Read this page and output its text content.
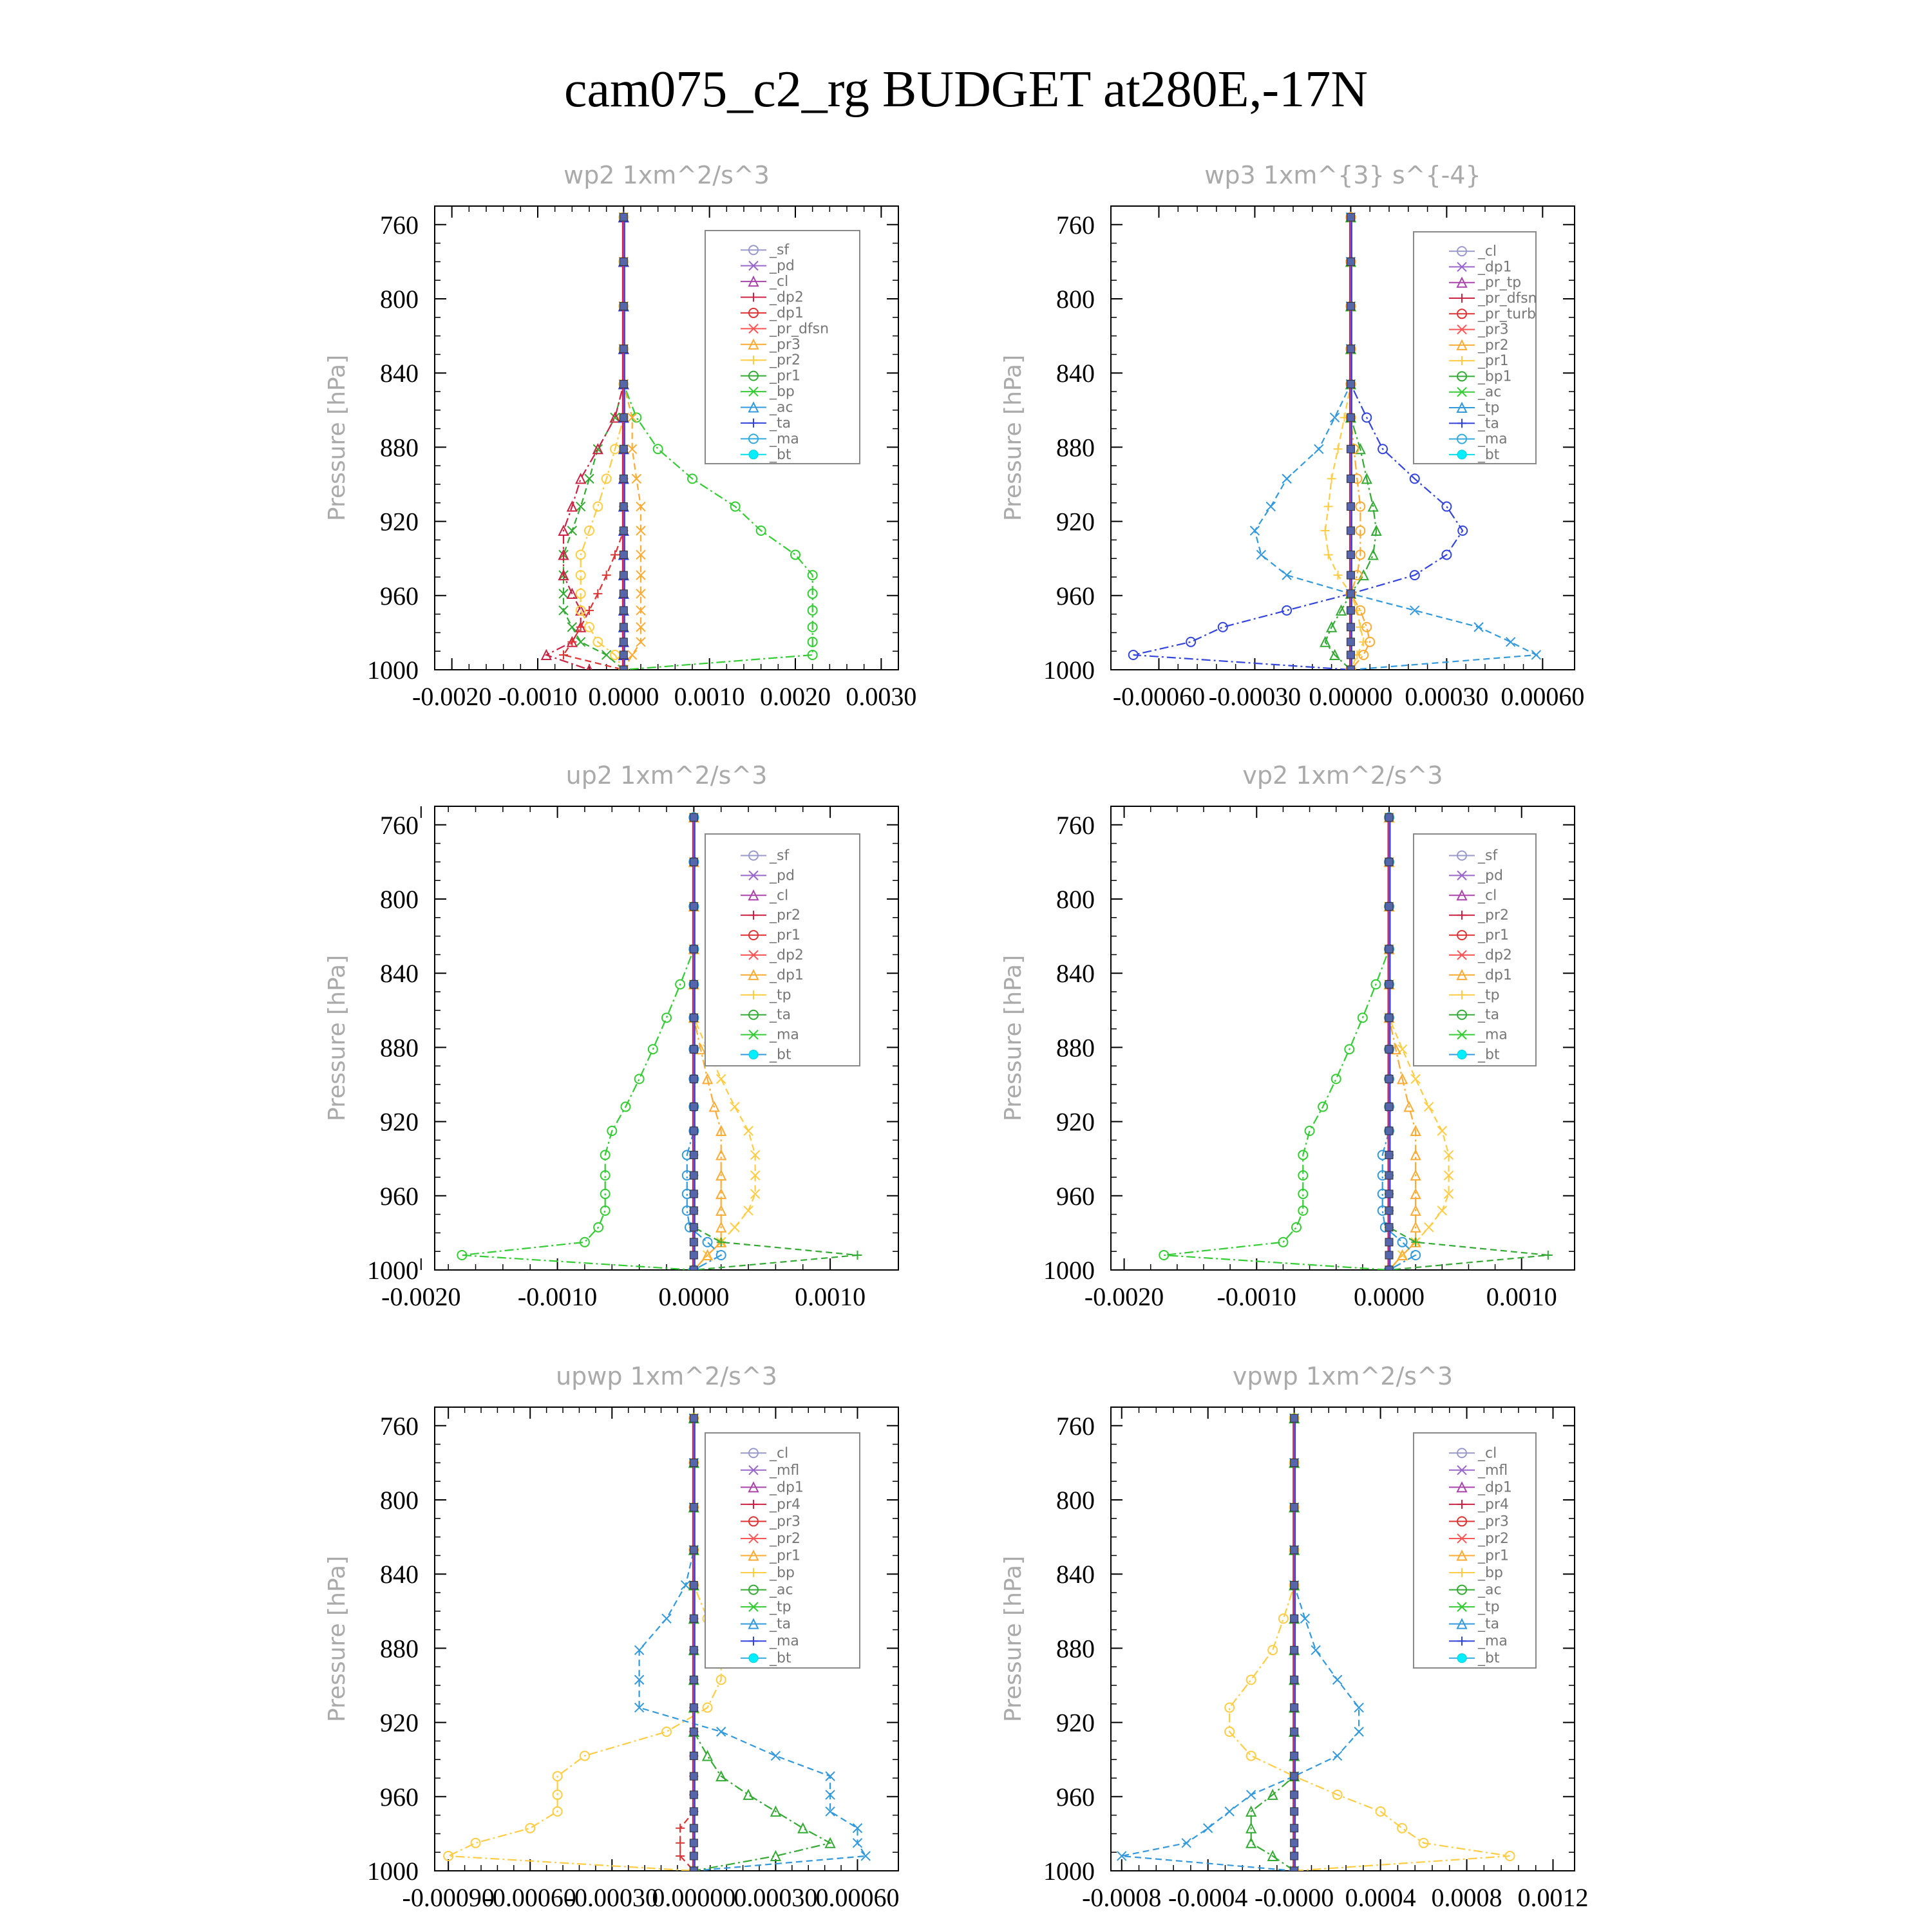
cam075_c2_rg BUDGET at280E,-17N
wp2 1xm^2/s^3
Pressure [hPa]
760
800
840
880
920
960
1000
-0.0020 -0.0010 0.0000 0.0010 0.0020 0.0030
_sf
_pd
_cl
_dp2
_dp1
_pr_dfsn
_pr3
_pr2
_pr1
_bp
_ac
_ta
_ma
_bt
wp3 1xm^{3} s^{-4}
Pressure [hPa]
760
800
840
880
920
960
1000
-0.00060 -0.00030 0.00000 0.00030 0.00060
_cl
_dp1
_pr_tp
_pr_dfsn
_pr_turb
_pr3
_pr2
_pr1
_bp1
_ac
_tp
_ta
_ma
_bt
up2 1xm^2/s^3
Pressure [hPa]
760
800
840
880
920
960
1000
-0.0020 -0.0010 0.0000	0.0010
_sf
_pd
_cl
_pr2
_pr1
_dp2
_dp1
_tp
_ta
_ma
_bt
vp2 1xm^2/s^3
Pressure [hPa]
760
800
840
880
920
960
1000
-0.0020 -0.0010 0.0000 0.0010
_sf
_pd
_cl
_pr2
_pr1
_dp2
_dp1
_tp
_ta
_ma
_bt
upwp 1xm^2/s^3
Pressure [hPa]
760
800
840
880
920
960
1000
-0.00090
-0.00060
-0.00030
0.00000
0.00030
0.00060
_cl
_mfl
_dp1
_pr4
_pr3
_pr2
_pr1
_bp
_ac
_tp
_ta
_ma
_bt
vpwp 1xm^2/s^3
Pressure [hPa]
760
800
840
880
920
960
1000
-0.0008 -0.0004 -0.0000 0.0004 0.0008 0.0012
_cl
_mfl
_dp1
_pr4
_pr3
_pr2
_pr1
_bp
_ac
_tp
_ta
_ma
_bt
